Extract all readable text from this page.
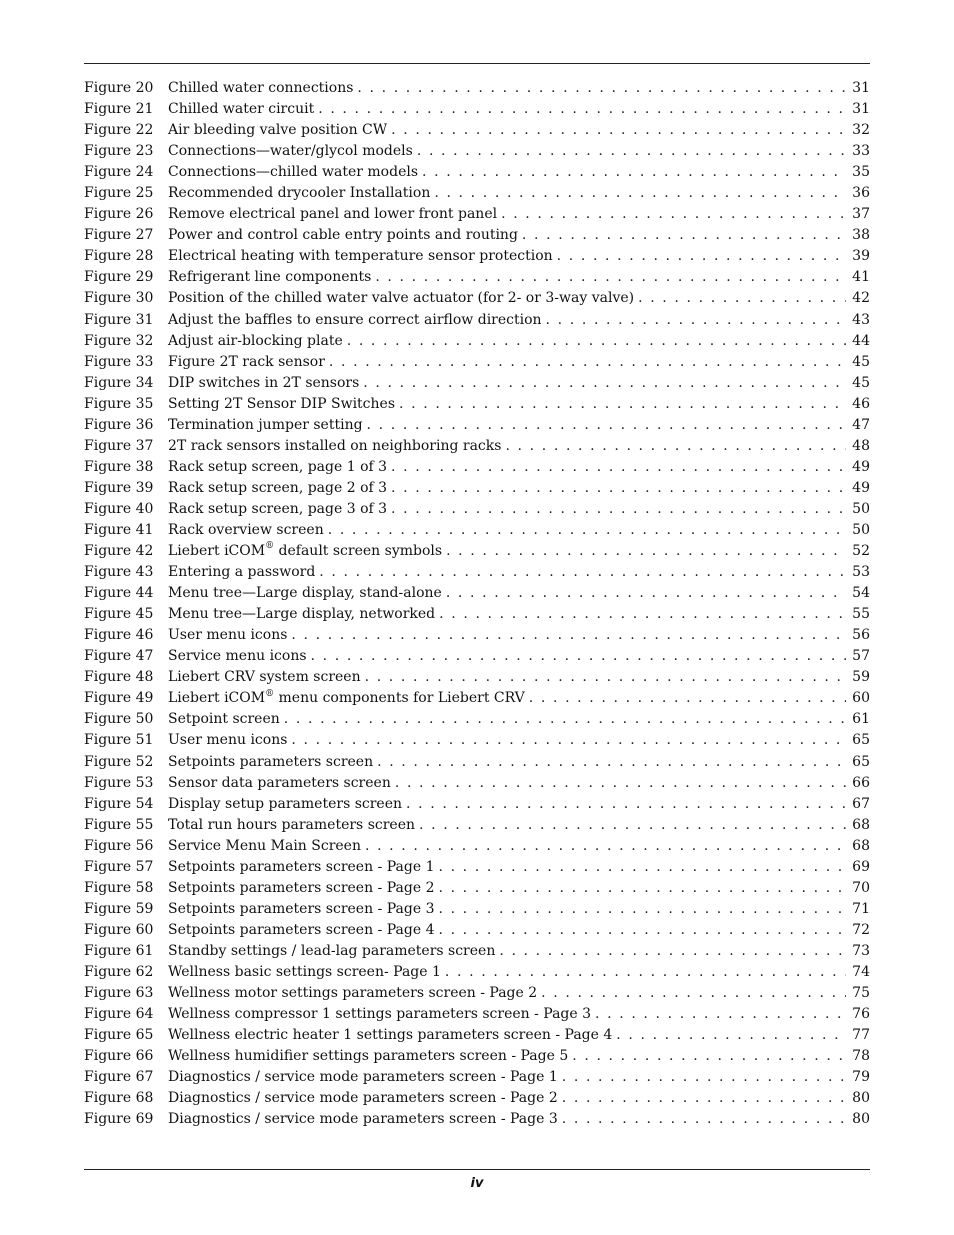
Figure 20	Chilled water connections . . .	31
Figure 21	Chilled water circuit . . .	31
Figure 22	Air bleeding valve position CW . . .	32
Figure 23	Connections—water/glycol models . . .	33
Figure 24	Connections—chilled water models . . .	35
Figure 25	Recommended drycooler Installation . . .	36
Figure 26	Remove electrical panel and lower front panel . . .	37
Figure 27	Power and control cable entry points and routing . . .	38
Figure 28	Electrical heating with temperature sensor protection . . .	39
Figure 29	Refrigerant line components . . .	41
Figure 30	Position of the chilled water valve actuator (for 2- or 3-way valve) . . .	42
Figure 31	Adjust the baffles to ensure correct airflow direction . . .	43
Figure 32	Adjust air-blocking plate . . .	44
Figure 33	Figure 2T rack sensor . . .	45
Figure 34	DIP switches in 2T sensors . . .	45
Figure 35	Setting 2T Sensor DIP Switches . . .	46
Figure 36	Termination jumper setting . . .	47
Figure 37	2T rack sensors installed on neighboring racks . . .	48
Figure 38	Rack setup screen, page 1 of 3 . . .	49
Figure 39	Rack setup screen, page 2 of 3 . . .	49
Figure 40	Rack setup screen, page 3 of 3 . . .	50
Figure 41	Rack overview screen . . .	50
Figure 42	Liebert iCOM® default screen symbols . . .	52
Figure 43	Entering a password . . .	53
Figure 44	Menu tree—Large display, stand-alone . . .	54
Figure 45	Menu tree—Large display, networked . . .	55
Figure 46	User menu icons . . .	56
Figure 47	Service menu icons . . .	57
Figure 48	Liebert CRV system screen . . .	59
Figure 49	Liebert iCOM® menu components for Liebert CRV . . .	60
Figure 50	Setpoint screen . . .	61
Figure 51	User menu icons . . .	65
Figure 52	Setpoints parameters screen . . .	65
Figure 53	Sensor data parameters screen . . .	66
Figure 54	Display setup parameters screen . . .	67
Figure 55	Total run hours parameters screen . . .	68
Figure 56	Service Menu Main Screen . . .	68
Figure 57	Setpoints parameters screen - Page 1 . . .	69
Figure 58	Setpoints parameters screen - Page 2 . . .	70
Figure 59	Setpoints parameters screen - Page 3 . . .	71
Figure 60	Setpoints parameters screen - Page 4 . . .	72
Figure 61	Standby settings / lead-lag parameters screen . . .	73
Figure 62	Wellness basic settings screen- Page 1 . . .	74
Figure 63	Wellness motor settings parameters screen - Page 2 . . .	75
Figure 64	Wellness compressor 1 settings parameters screen - Page 3 . . .	76
Figure 65	Wellness electric heater 1 settings parameters screen - Page 4 . . .	77
Figure 66	Wellness humidifier settings parameters screen - Page 5 . . .	78
Figure 67	Diagnostics / service mode parameters screen - Page 1 . . .	79
Figure 68	Diagnostics / service mode parameters screen - Page 2 . . .	80
Figure 69	Diagnostics / service mode parameters screen - Page 3 . . .	80
iv
